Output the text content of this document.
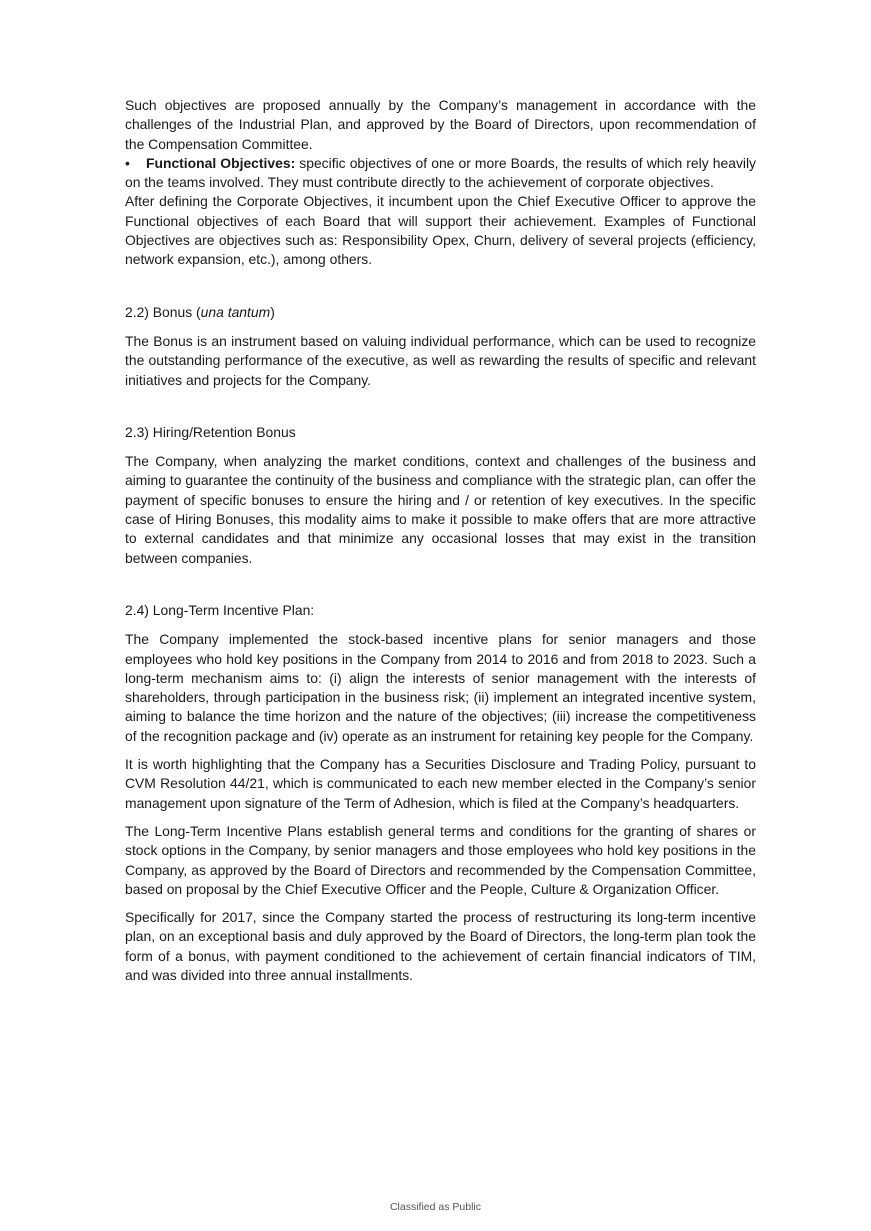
Such objectives are proposed annually by the Company’s management in accordance with the challenges of the Industrial Plan, and approved by the Board of Directors, upon recommendation of the Compensation Committee.

• Functional Objectives: specific objectives of one or more Boards, the results of which rely heavily on the teams involved. They must contribute directly to the achievement of corporate objectives.

After defining the Corporate Objectives, it incumbent upon the Chief Executive Officer to approve the Functional objectives of each Board that will support their achievement. Examples of Functional Objectives are objectives such as: Responsibility Opex, Churn, delivery of several projects (efficiency, network expansion, etc.), among others.

2.2) Bonus (una tantum)

The Bonus is an instrument based on valuing individual performance, which can be used to recognize the outstanding performance of the executive, as well as rewarding the results of specific and relevant initiatives and projects for the Company.

2.3) Hiring/Retention Bonus

The Company, when analyzing the market conditions, context and challenges of the business and aiming to guarantee the continuity of the business and compliance with the strategic plan, can offer the payment of specific bonuses to ensure the hiring and / or retention of key executives. In the specific case of Hiring Bonuses, this modality aims to make it possible to make offers that are more attractive to external candidates and that minimize any occasional losses that may exist in the transition between companies.

2.4) Long-Term Incentive Plan:

The Company implemented the stock-based incentive plans for senior managers and those employees who hold key positions in the Company from 2014 to 2016 and from 2018 to 2023. Such a long-term mechanism aims to: (i) align the interests of senior management with the interests of shareholders, through participation in the business risk; (ii) implement an integrated incentive system, aiming to balance the time horizon and the nature of the objectives; (iii) increase the competitiveness of the recognition package and (iv) operate as an instrument for retaining key people for the Company.

It is worth highlighting that the Company has a Securities Disclosure and Trading Policy, pursuant to CVM Resolution 44/21, which is communicated to each new member elected in the Company’s senior management upon signature of the Term of Adhesion, which is filed at the Company’s headquarters.

The Long-Term Incentive Plans establish general terms and conditions for the granting of shares or stock options in the Company, by senior managers and those employees who hold key positions in the Company, as approved by the Board of Directors and recommended by the Compensation Committee, based on proposal by the Chief Executive Officer and the People, Culture & Organization Officer.

Specifically for 2017, since the Company started the process of restructuring its long-term incentive plan, on an exceptional basis and duly approved by the Board of Directors, the long-term plan took the form of a bonus, with payment conditioned to the achievement of certain financial indicators of TIM, and was divided into three annual installments.

Classified as Public
